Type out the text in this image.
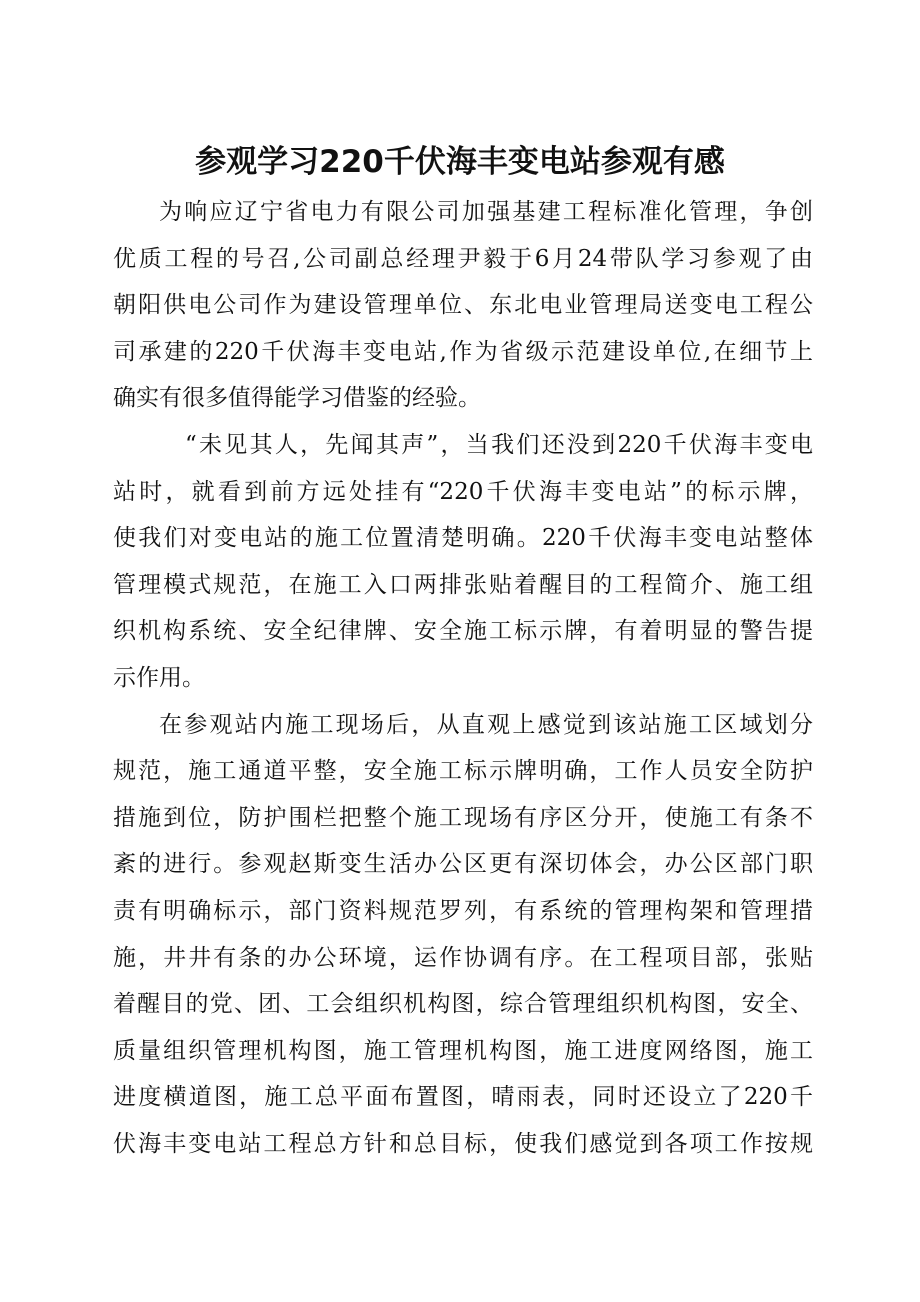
参观学习220千伏海丰变电站参观有感
为响应辽宁省电力有限公司加强基建工程标准化管理，争创
优质工程的号召,公司副总经理尹毅于6月24带队学习参观了由
朝阳供电公司作为建设管理单位、东北电业管理局送变电工程公
司承建的220千伏海丰变电站,作为省级示范建设单位,在细节上
确实有很多值得能学习借鉴的经验。
“未见其人，先闻其声”，当我们还没到220千伏海丰变电
站时，就看到前方远处挂有“220千伏海丰变电站”的标示牌，
使我们对变电站的施工位置清楚明确。220千伏海丰变电站整体
管理模式规范，在施工入口两排张贴着醒目的工程简介、施工组
织机构系统、安全纪律牌、安全施工标示牌，有着明显的警告提
示作用。
在参观站内施工现场后，从直观上感觉到该站施工区域划分
规范，施工通道平整，安全施工标示牌明确，工作人员安全防护
措施到位，防护围栏把整个施工现场有序区分开，使施工有条不
紊的进行。参观赵斯变生活办公区更有深切体会，办公区部门职
责有明确标示，部门资料规范罗列，有系统的管理构架和管理措
施，井井有条的办公环境，运作协调有序。在工程项目部，张贴
着醒目的党、团、工会组织机构图，综合管理组织机构图，安全、
质量组织管理机构图，施工管理机构图，施工进度网络图，施工
进度横道图，施工总平面布置图，晴雨表，同时还设立了220千
伏海丰变电站工程总方针和总目标，使我们感觉到各项工作按规
